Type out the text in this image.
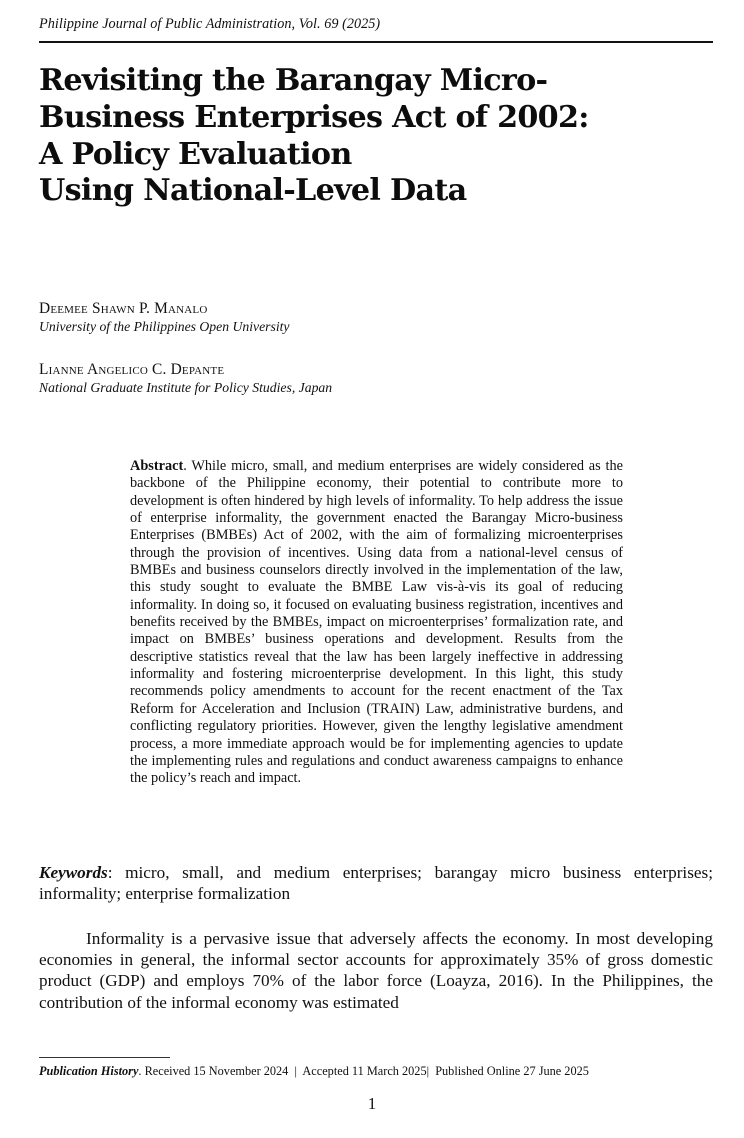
Philippine Journal of Public Administration, Vol. 69 (2025)
Revisiting the Barangay Micro-
Business Enterprises Act of 2002:
A Policy Evaluation
Using National-Level Data
Deemee Shawn P. Manalo
University of the Philippines Open University
Lianne Angelico C. Depante
National Graduate Institute for Policy Studies, Japan

Abstract. While micro, small, and medium enterprises are widely considered as the backbone of the Philippine economy, their potential to contribute more to development is often hindered by high levels of informality. To help address the issue of enterprise informality, the government enacted the Barangay Micro-business Enterprises (BMBEs) Act of 2002, with the aim of formalizing microenterprises through the provision of incentives. Using data from a national-level census of BMBEs and business counselors directly involved in the implementation of the law, this study sought to evaluate the BMBE Law vis-à-vis its goal of reducing informality. In doing so, it focused on evaluating business registration, incentives and benefits received by the BMBEs, impact on microenterprises’ formalization rate, and impact on BMBEs’ business operations and development. Results from the descriptive statistics reveal that the law has been largely ineffective in addressing informality and fostering microenterprise development. In this light, this study recommends policy amendments to account for the recent enactment of the Tax Reform for Acceleration and Inclusion (TRAIN) Law, administrative burdens, and conflicting regulatory priorities. However, given the lengthy legislative amendment process, a more immediate approach would be for implementing agencies to update the implementing rules and regulations and conduct awareness campaigns to enhance the policy’s reach and impact.

Keywords: micro, small, and medium enterprises; barangay micro business enterprises; informality; enterprise formalization

Informality is a pervasive issue that adversely affects the economy. In most developing economies in general, the informal sector accounts for approximately 35% of gross domestic product (GDP) and employs 70% of the labor force (Loayza, 2016). In the Philippines, the contribution of the informal economy was estimated

Publication History. Received 15 November 2024  |  Accepted 11 March 2025|  Published Online 27 June 2025
1
